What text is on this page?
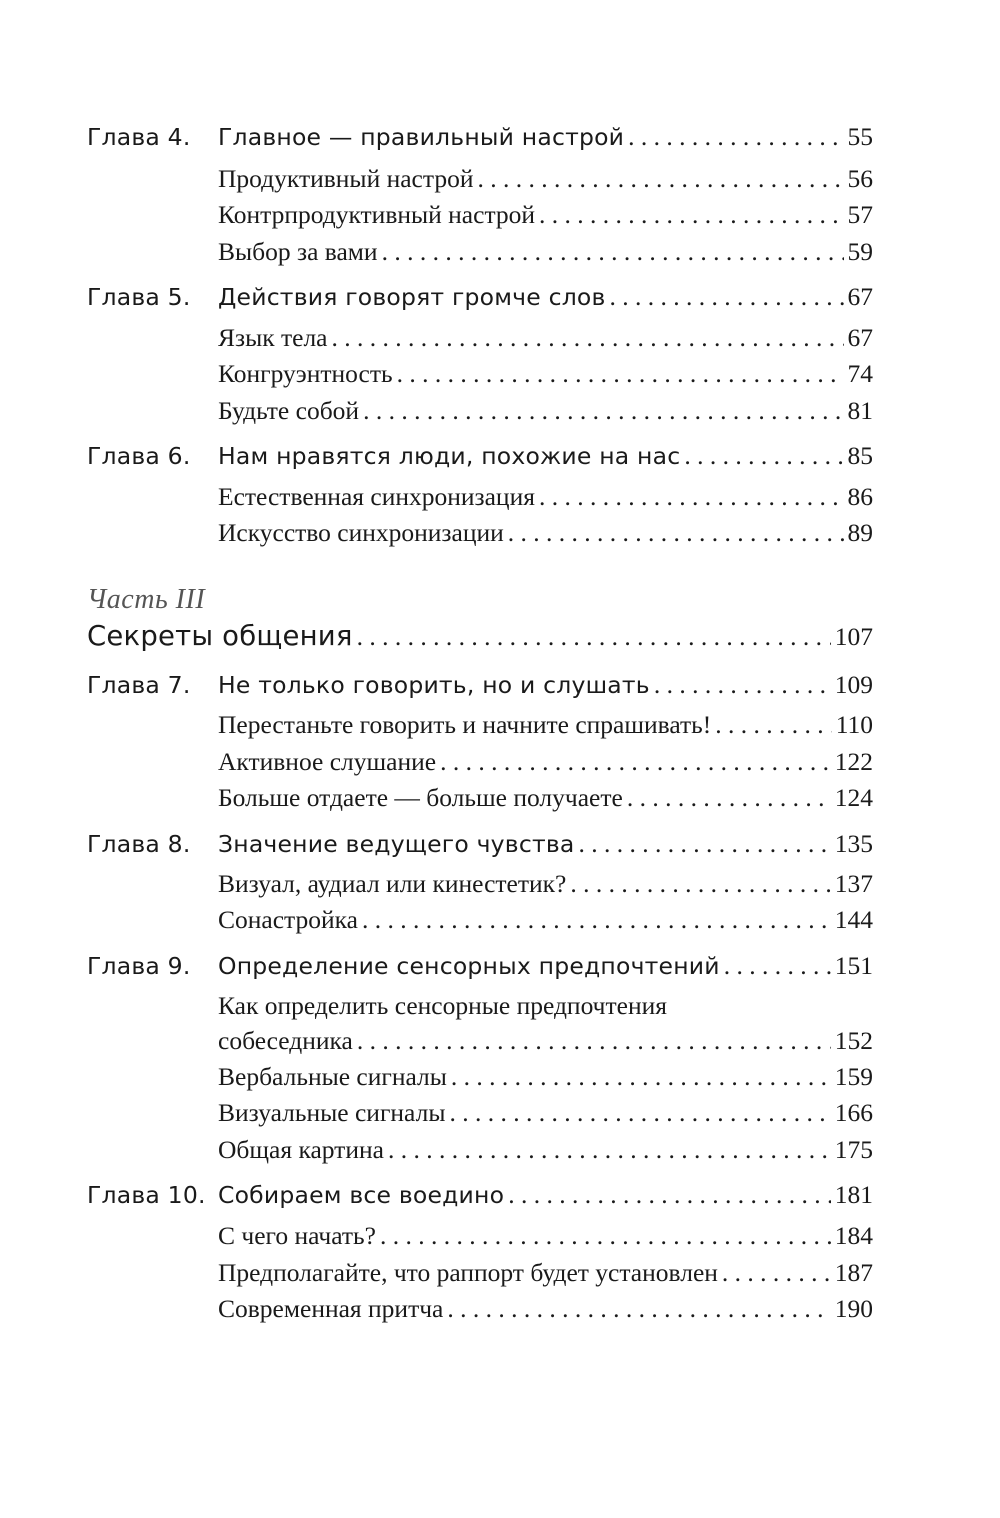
Глава 4. Главное — правильный настрой . . .	55
Продуктивный настрой . . .	56
Контрпродуктивный настрой . . .	57
Выбор за вами . . .	59
Глава 5. Действия говорят громче слов . . .	67
Язык тела . . .	67
Конгруэнтность . . .	74
Будьте собой . . .	81
Глава 6. Нам нравятся люди, похожие на нас . . .	85
Естественная синхронизация . . .	86
Искусство синхронизации . . .	89
Часть III
Секреты общения . . .	107
Глава 7. Не только говорить, но и слушать . . .	109
Перестаньте говорить и начните спрашивать! . . .	110
Активное слушание . . .	122
Больше отдаете — больше получаете . . .	124
Глава 8. Значение ведущего чувства . . .	135
Визуал, аудиал или кинестетик? . . .	137
Сонастройка . . .	144
Глава 9. Определение сенсорных предпочтений . . .	151
Как определить сенсорные предпочтения
собеседника . . .	152
Вербальные сигналы . . .	159
Визуальные сигналы . . .	166
Общая картина . . .	175
Глава 10. Собираем все воедино . . .	181
С чего начать? . . .	184
Предполагайте, что раппорт будет установлен . . .	187
Современная притча . . .	190
